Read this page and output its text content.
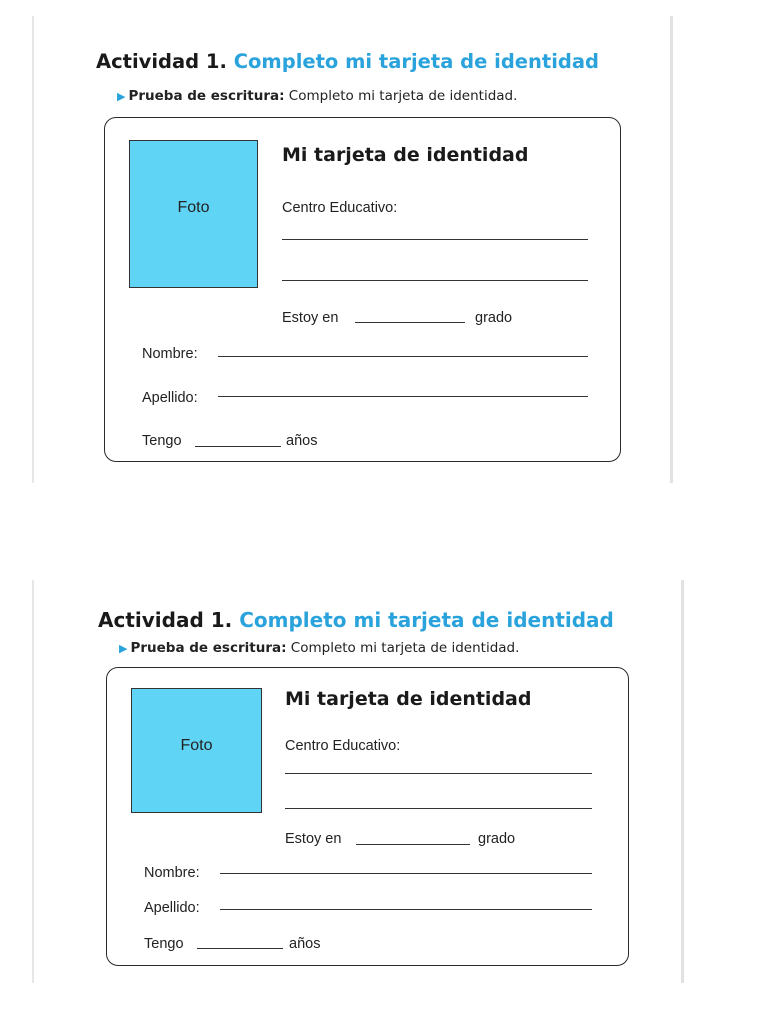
Actividad 1. Completo mi tarjeta de identidad
▶ Prueba de escritura: Completo mi tarjeta de identidad.
Foto
Mi tarjeta de identidad
Centro Educativo:
Estoy en	grado
Nombre:
Apellido:
Tengo	años
Actividad 1. Completo mi tarjeta de identidad
▶ Prueba de escritura: Completo mi tarjeta de identidad.
Foto
Mi tarjeta de identidad
Centro Educativo:
Estoy en	grado
Nombre:
Apellido:
Tengo	años
